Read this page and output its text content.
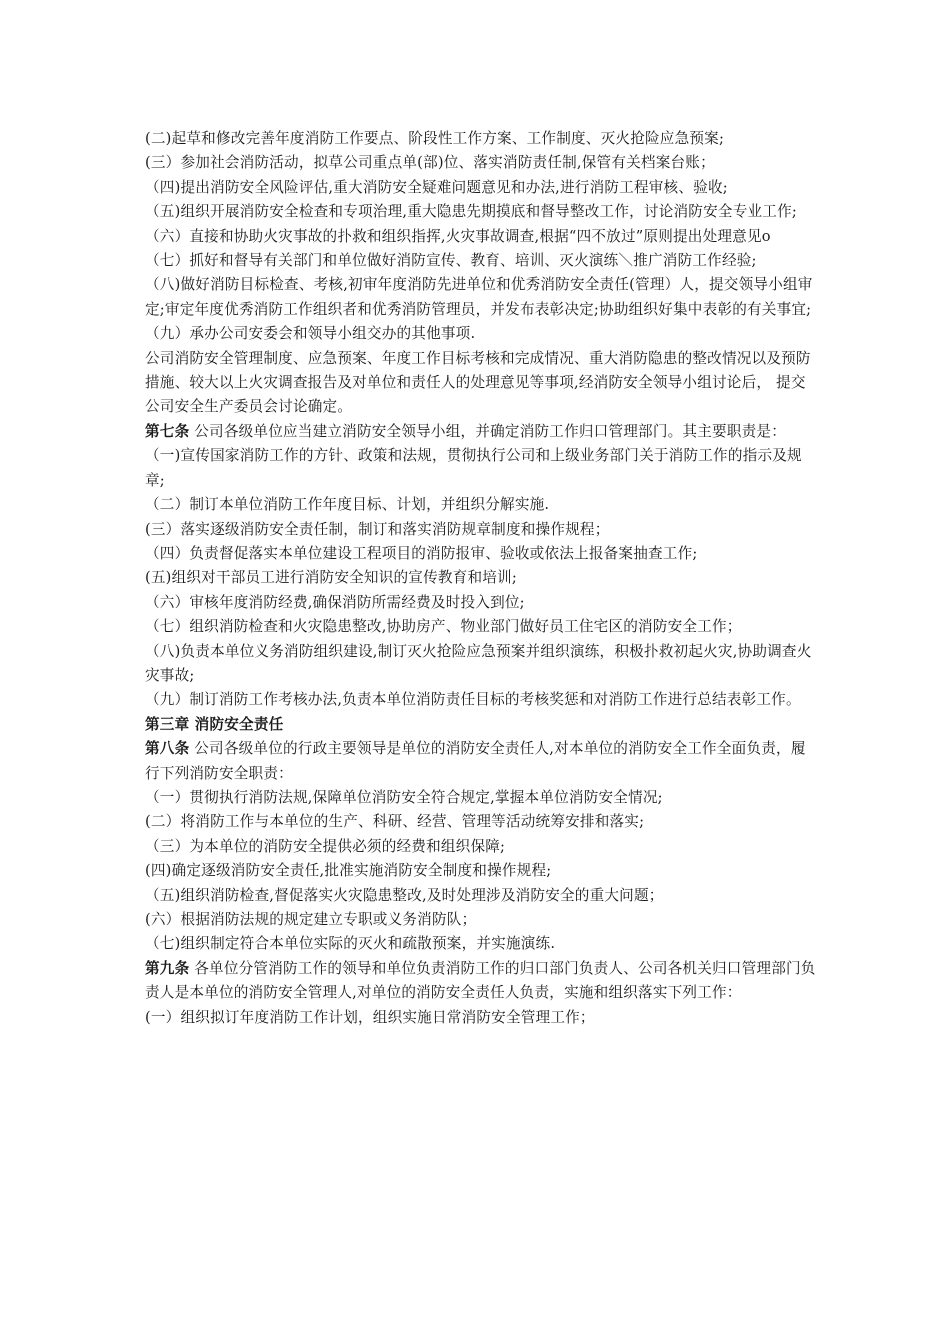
(二)起草和修改完善年度消防工作要点、阶段性工作方案、工作制度、灭火抢险应急预案;

(三）参加社会消防活动，拟草公司重点单(部)位、落实消防责任制,保管有关档案台账；

（四)提出消防安全风险评估,重大消防安全疑难问题意见和办法,进行消防工程审核、验收;

（五)组织开展消防安全检查和专项治理,重大隐患先期摸底和督导整改工作，讨论消防安全专业工作;

（六）直接和协助火灾事故的扑救和组织指挥,火灾事故调查,根据“四不放过”原则提出处理意见o

（七）抓好和督导有关部门和单位做好消防宣传、教育、培训、灭火演练＼推广消防工作经验;

（八)做好消防目标检查、考核,初审年度消防先进单位和优秀消防安全责任(管理）人，提交领导小组审定;审定年度优秀消防工作组织者和优秀消防管理员，并发布表彰决定;协助组织好集中表彰的有关事宜;

（九）承办公司安委会和领导小组交办的其他事项.

公司消防安全管理制度、应急预案、年度工作目标考核和完成情况、重大消防隐患的整改情况以及预防措施、较大以上火灾调查报告及对单位和责任人的处理意见等事项,经消防安全领导小组讨论后， 提交公司安全生产委员会讨论确定。

第七条 公司各级单位应当建立消防安全领导小组，并确定消防工作归口管理部门。其主要职责是：

（一)宣传国家消防工作的方针、政策和法规，贯彻执行公司和上级业务部门关于消防工作的指示及规章;

（二）制订本单位消防工作年度目标、计划，并组织分解实施.

(三）落实逐级消防安全责任制，制订和落实消防规章制度和操作规程；

（四）负责督促落实本单位建设工程项目的消防报审、验收或依法上报备案抽查工作;

(五)组织对干部员工进行消防安全知识的宣传教育和培训;

（六）审核年度消防经费,确保消防所需经费及时投入到位;

（七）组织消防检查和火灾隐患整改,协助房产、物业部门做好员工住宅区的消防安全工作；

（八)负责本单位义务消防组织建设,制订灭火抢险应急预案并组织演练，积极扑救初起火灾,协助调查火灾事故;

（九）制订消防工作考核办法,负责本单位消防责任目标的考核奖惩和对消防工作进行总结表彰工作。

第三章 消防安全责任

第八条 公司各级单位的行政主要领导是单位的消防安全责任人,对本单位的消防安全工作全面负责，履行下列消防安全职责：

（一）贯彻执行消防法规,保障单位消防安全符合规定,掌握本单位消防安全情况;

(二）将消防工作与本单位的生产、科研、经营、管理等活动统筹安排和落实;

（三）为本单位的消防安全提供必须的经费和组织保障;

(四)确定逐级消防安全责任,批准实施消防安全制度和操作规程;

（五)组织消防检查,督促落实火灾隐患整改,及时处理涉及消防安全的重大问题；

(六）根据消防法规的规定建立专职或义务消防队；

（七)组织制定符合本单位实际的灭火和疏散预案，并实施演练.

第九条 各单位分管消防工作的领导和单位负责消防工作的归口部门负责人、公司各机关归口管理部门负责人是本单位的消防安全管理人,对单位的消防安全责任人负责，实施和组织落实下列工作：

(一）组织拟订年度消防工作计划，组织实施日常消防安全管理工作；
